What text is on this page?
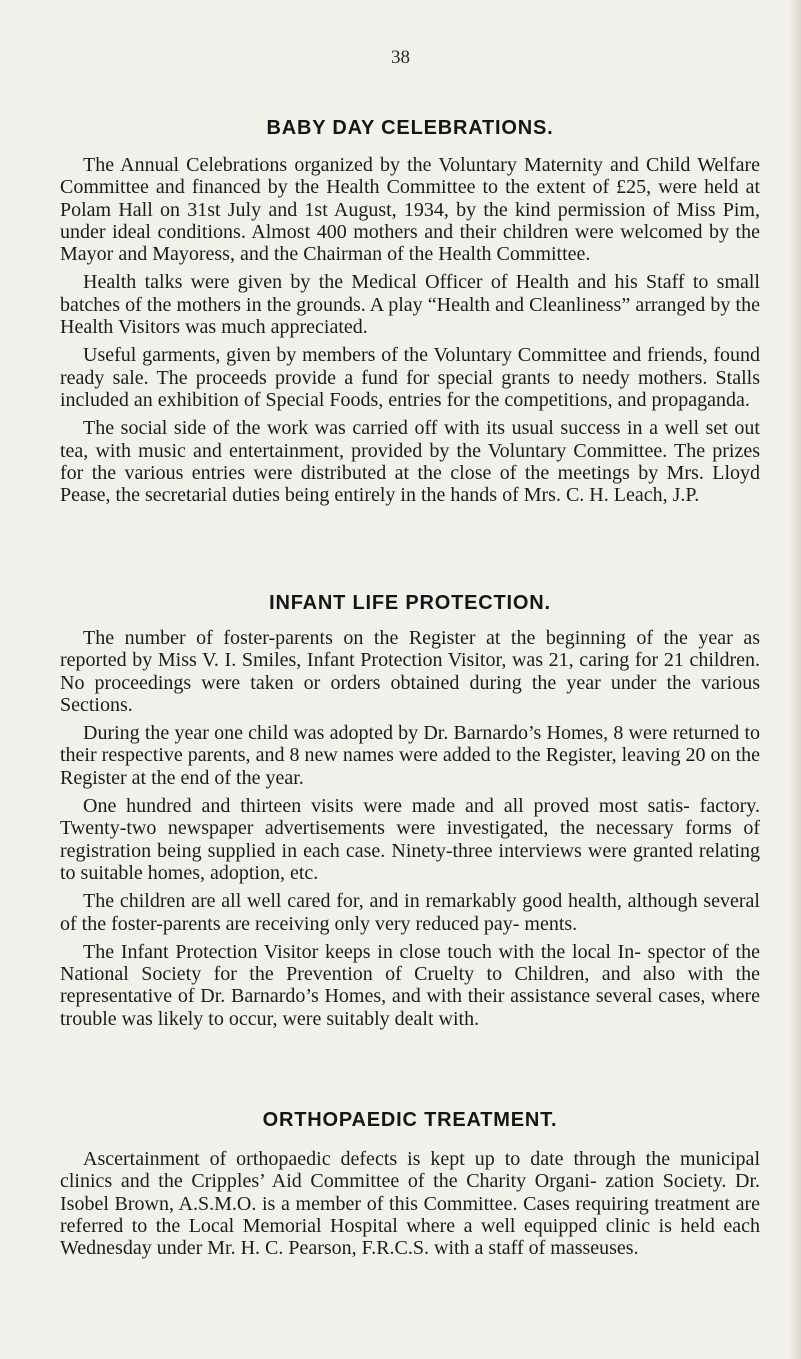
38
BABY DAY CELEBRATIONS.

The Annual Celebrations organized by the Voluntary Maternity and Child Welfare Committee and financed by the Health Committee to the extent of £25, were held at Polam Hall on 31st July and 1st August, 1934, by the kind permission of Miss Pim, under ideal conditions. Almost 400 mothers and their children were welcomed by the Mayor and Mayoress, and the Chairman of the Health Committee.

Health talks were given by the Medical Officer of Health and his Staff to small batches of the mothers in the grounds. A play “Health and Cleanliness” arranged by the Health Visitors was much appreciated.

Useful garments, given by members of the Voluntary Committee and friends, found ready sale. The proceeds provide a fund for special grants to needy mothers. Stalls included an exhibition of Special Foods, entries for the competitions, and propaganda.

The social side of the work was carried off with its usual success in a well set out tea, with music and entertainment, provided by the Voluntary Committee. The prizes for the various entries were distributed at the close of the meetings by Mrs. Lloyd Pease, the secretarial duties being entirely in the hands of Mrs. C. H. Leach, J.P.

INFANT LIFE PROTECTION.

The number of foster-parents on the Register at the beginning of the year as reported by Miss V. I. Smiles, Infant Protection Visitor, was 21, caring for 21 children. No proceedings were taken or orders obtained during the year under the various Sections.

During the year one child was adopted by Dr. Barnardo’s Homes, 8 were returned to their respective parents, and 8 new names were added to the Register, leaving 20 on the Register at the end of the year.

One hundred and thirteen visits were made and all proved most satis- factory. Twenty-two newspaper advertisements were investigated, the necessary forms of registration being supplied in each case. Ninety-three interviews were granted relating to suitable homes, adoption, etc.

The children are all well cared for, and in remarkably good health, although several of the foster-parents are receiving only very reduced pay- ments.

The Infant Protection Visitor keeps in close touch with the local In- spector of the National Society for the Prevention of Cruelty to Children, and also with the representative of Dr. Barnardo’s Homes, and with their assistance several cases, where trouble was likely to occur, were suitably dealt with.

ORTHOPAEDIC TREATMENT.

Ascertainment of orthopaedic defects is kept up to date through the municipal clinics and the Cripples’ Aid Committee of the Charity Organi- zation Society. Dr. Isobel Brown, A.S.M.O. is a member of this Committee. Cases requiring treatment are referred to the Local Memorial Hospital where a well equipped clinic is held each Wednesday under Mr. H. C. Pearson, F.R.C.S. with a staff of masseuses.
